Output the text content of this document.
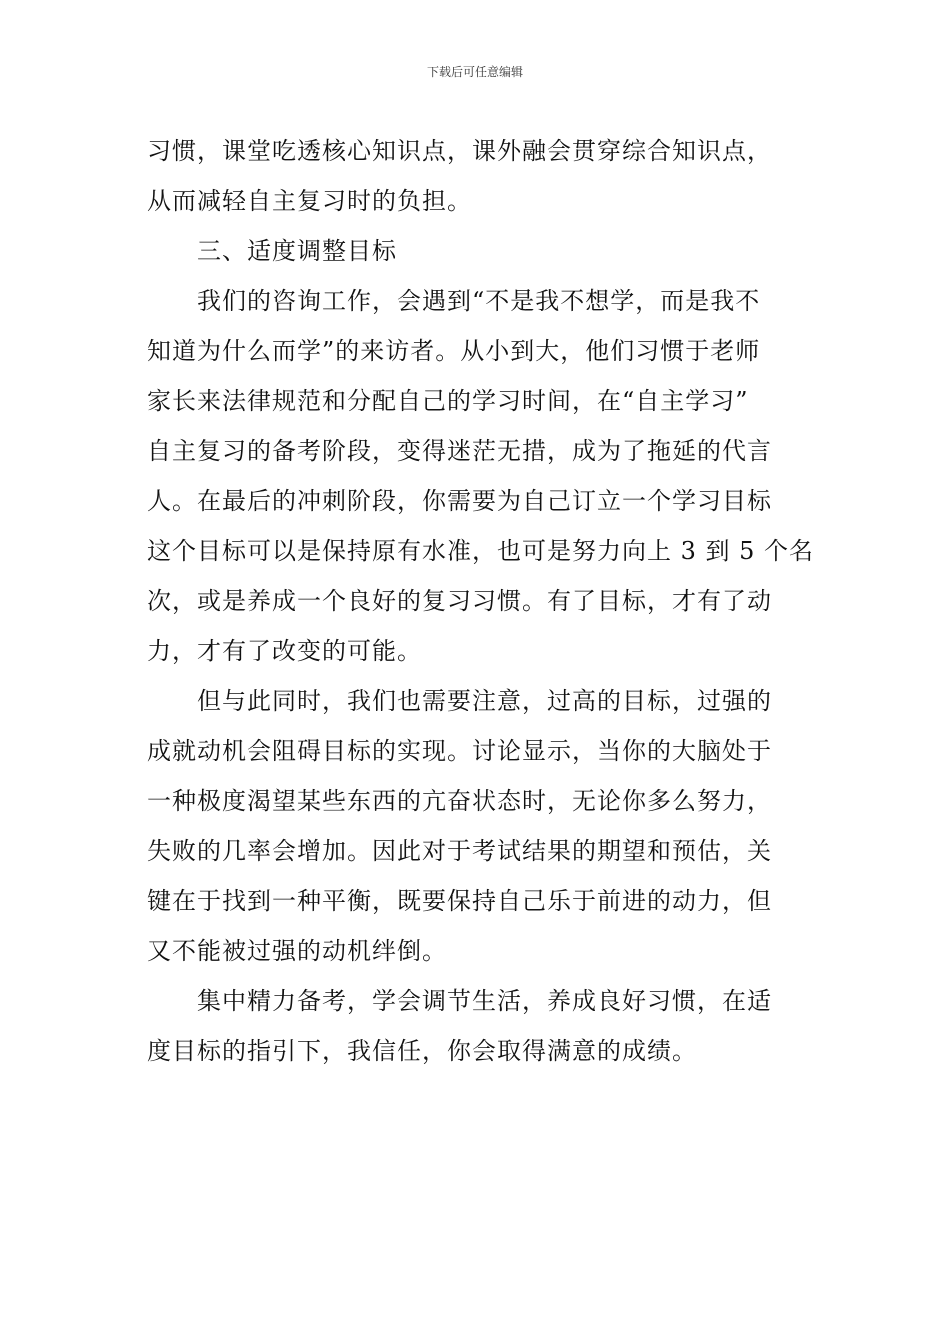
下载后可任意编辑
习惯，课堂吃透核心知识点，课外融会贯穿综合知识点，
从而减轻自主复习时的负担。
三、适度调整目标
我们的咨询工作，会遇到“不是我不想学，而是我不
知道为什么而学”的来访者。从小到大，他们习惯于老师
家长来法律规范和分配自己的学习时间，在“自主学习”
自主复习的备考阶段，变得迷茫无措，成为了拖延的代言
人。在最后的冲刺阶段，你需要为自己订立一个学习目标
这个目标可以是保持原有水准，也可是努力向上 3 到 5 个名
次，或是养成一个良好的复习习惯。有了目标，才有了动
力，才有了改变的可能。
但与此同时，我们也需要注意，过高的目标，过强的
成就动机会阻碍目标的实现。讨论显示，当你的大脑处于
一种极度渴望某些东西的亢奋状态时，无论你多么努力，
失败的几率会增加。因此对于考试结果的期望和预估，关
键在于找到一种平衡，既要保持自己乐于前进的动力，但
又不能被过强的动机绊倒。
集中精力备考，学会调节生活，养成良好习惯，在适
度目标的指引下，我信任，你会取得满意的成绩。
